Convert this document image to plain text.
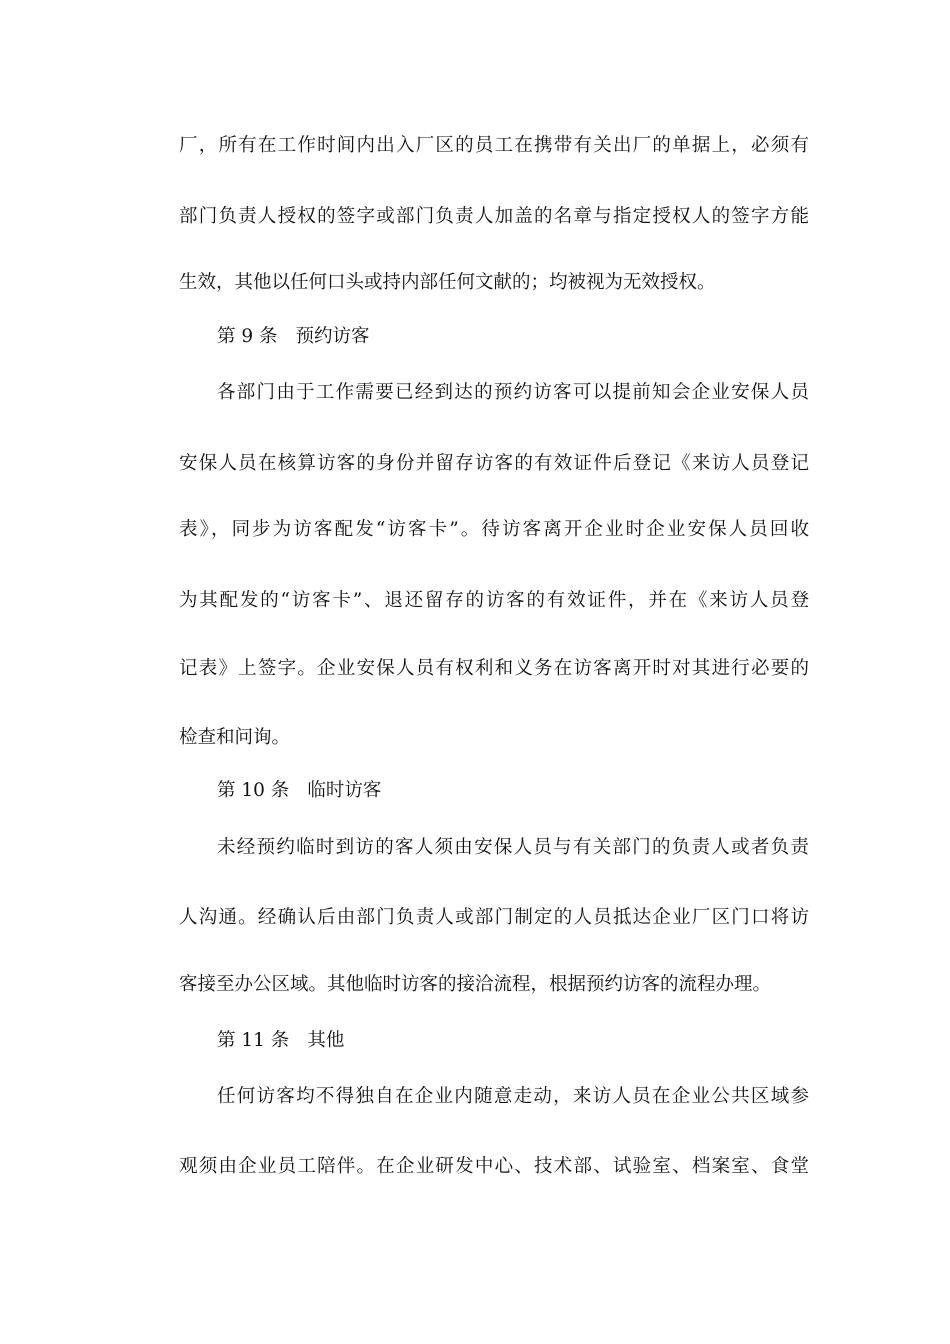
厂，所有在工作时间内出入厂区的员工在携带有关出厂的单据上，必须有
部门负责人授权的签字或部门负责人加盖的名章与指定授权人的签字方能
生效，其他以任何口头或持内部任何文献的；均被视为无效授权。
第 9 条 预约访客
各部门由于工作需要已经到达的预约访客可以提前知会企业安保人员
安保人员在核算访客的身份并留存访客的有效证件后登记《来访人员登记
表》，同步为访客配发“访客卡”。待访客离开企业时企业安保人员回收
为其配发的“访客卡”、退还留存的访客的有效证件，并在《来访人员登
记表》上签字。企业安保人员有权利和义务在访客离开时对其进行必要的
检查和问询。
第 10 条 临时访客
未经预约临时到访的客人须由安保人员与有关部门的负责人或者负责
人沟通。经确认后由部门负责人或部门制定的人员抵达企业厂区门口将访
客接至办公区域。其他临时访客的接洽流程，根据预约访客的流程办理。
第 11 条 其他
任何访客均不得独自在企业内随意走动，来访人员在企业公共区域参
观须由企业员工陪伴。在企业研发中心、技术部、试验室、档案室、食堂
